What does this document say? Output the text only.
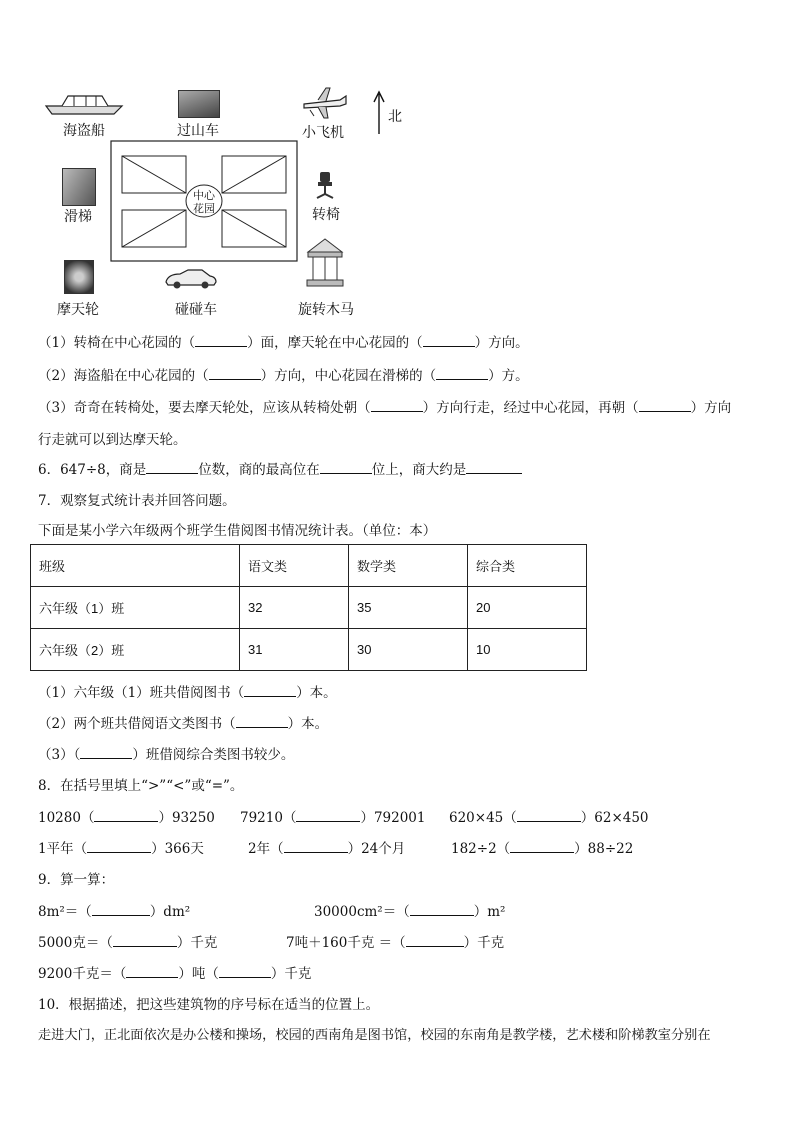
海盗船	过山车	小飞机
北
滑梯
中心花园	转椅
摩天轮	碰碰车	旋转木马
（1）转椅在中心花园的（	）面，摩天轮在中心花园的（	）方向。
（2）海盗船在中心花园的（	）方向，中心花园在滑梯的（	）方。
（3）奇奇在转椅处，要去摩天轮处，应该从转椅处朝（	）方向行走，经过中心花园，再朝（	）方向
行走就可以到达摩天轮。
6．647÷8，商是	位数，商的最高位在	位上，商大约是
7．观察复式统计表并回答问题。
下面是某小学六年级两个班学生借阅图书情况统计表。（单位：本）
班级	语文类	数学类	综合类
六年级（1）班	32	35	20
六年级（2）班	31	30	10
（1）六年级（1）班共借阅图书（	）本。
（2）两个班共借阅语文类图书（	）本。
（3）（	）班借阅综合类图书较少。
8．在括号里填上“>”“<”或“=”。
10280（	）93250 79210（	）792001 620×45（	）62×450
1平年（	）366天	2年（	）24个月	182÷2（	）88÷22
9．算一算：
8m²＝（	）dm²	30000cm²＝（	）m²
5000克＝（	）千克	7吨＋160千克 ＝（	）千克
9200千克＝（	）吨（	）千克
10．根据描述，把这些建筑物的序号标在适当的位置上。
走进大门，正北面依次是办公楼和操场，校园的西南角是图书馆，校园的东南角是教学楼，艺术楼和阶梯教室分别在
